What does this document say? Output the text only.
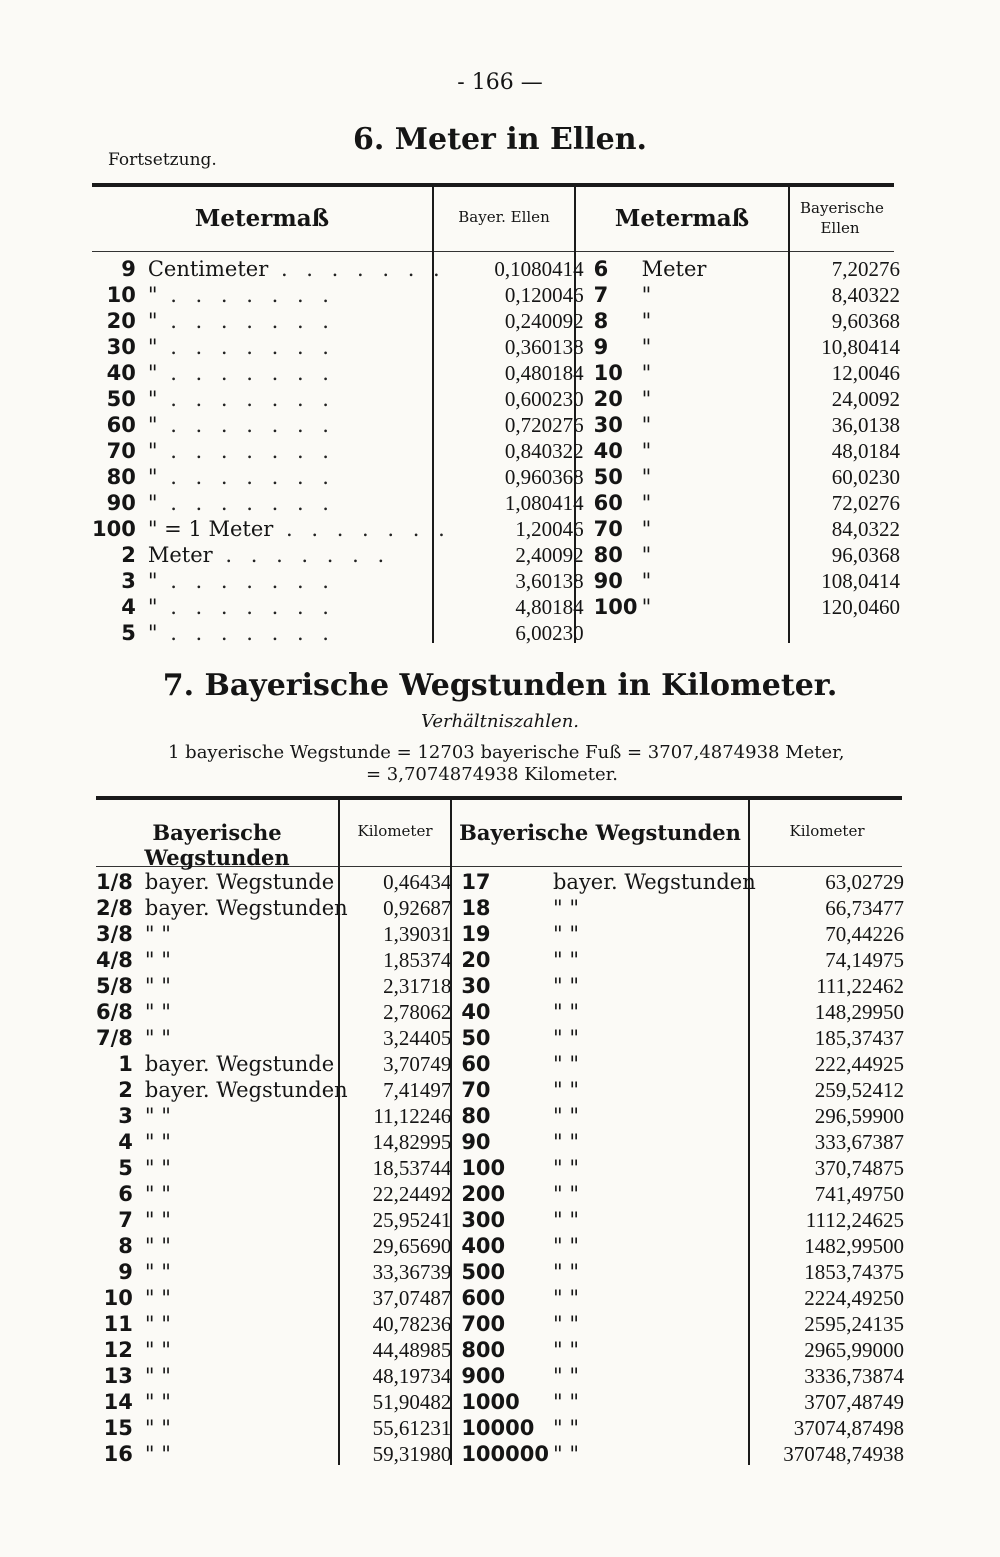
- 166 —
Fortsetzung.
6. Meter in Ellen.
Metermaß	Bayer. Ellen	Metermaß	Bayerische Ellen
9	Centimeter . . . . . . .	0,1080414	6	Meter	7,20276
10	" . . . . . . .	0,120046	7	"	8,40322
20	" . . . . . . .	0,240092	8	"	9,60368
30	" . . . . . . .	0,360138	9	"	10,80414
40	" . . . . . . .	0,480184	10	"	12,0046
50	" . . . . . . .	0,600230	20	"	24,0092
60	" . . . . . . .	0,720276	30	"	36,0138
70	" . . . . . . .	0,840322	40	"	48,0184
80	" . . . . . . .	0,960368	50	"	60,0230
90	" . . . . . . .	1,080414	60	"	72,0276
100	" = 1 Meter . . . . . . .	1,20046	70	"	84,0322
2	Meter . . . . . . .	2,40092	80	"	96,0368
3	" . . . . . . .	3,60138	90	"	108,0414
4	" . . . . . . .	4,80184	100	"	120,0460
5	" . . . . . . .	6,00230			
7. Bayerische Wegstunden in Kilometer.
Verhältniszahlen.
1 bayerische Wegstunde = 12703 bayerische Fuß = 3707,4874938 Meter,
= 3,7074874938 Kilometer.
Bayerische Wegstunden
Kilometer	Bayerische Wegstunden	Kilometer
1/8	bayer. Wegstunde	0,46434	17	bayer. Wegstunden	63,02729
2/8	bayer. Wegstunden	0,92687	18	" "	66,73477
3/8	" "	1,39031	19	" "	70,44226
4/8	" "	1,85374	20	" "	74,14975
5/8	" "	2,31718	30	" "	111,22462
6/8	" "	2,78062	40	" "	148,29950
7/8	" "	3,24405	50	" "	185,37437
1	bayer. Wegstunde	3,70749	60	" "	222,44925
2	bayer. Wegstunden	7,41497	70	" "	259,52412
3	" "	11,12246	80	" "	296,59900
4	" "	14,82995	90	" "	333,67387
5	" "	18,53744	100	" "	370,74875
6	" "	22,24492	200	" "	741,49750
7	" "	25,95241	300	" "	1112,24625
8	" "	29,65690	400	" "	1482,99500
9	" "	33,36739	500	" "	1853,74375
10	" "	37,07487	600	" "	2224,49250
11	" "	40,78236	700	" "	2595,24135
12	" "	44,48985	800	" "	2965,99000
13	" "	48,19734	900	" "	3336,73874
14	" "	51,90482	1000	" "	3707,48749
15	" "	55,61231	10000	" "	37074,87498
16	" "	59,31980	100000	" "	370748,74938
